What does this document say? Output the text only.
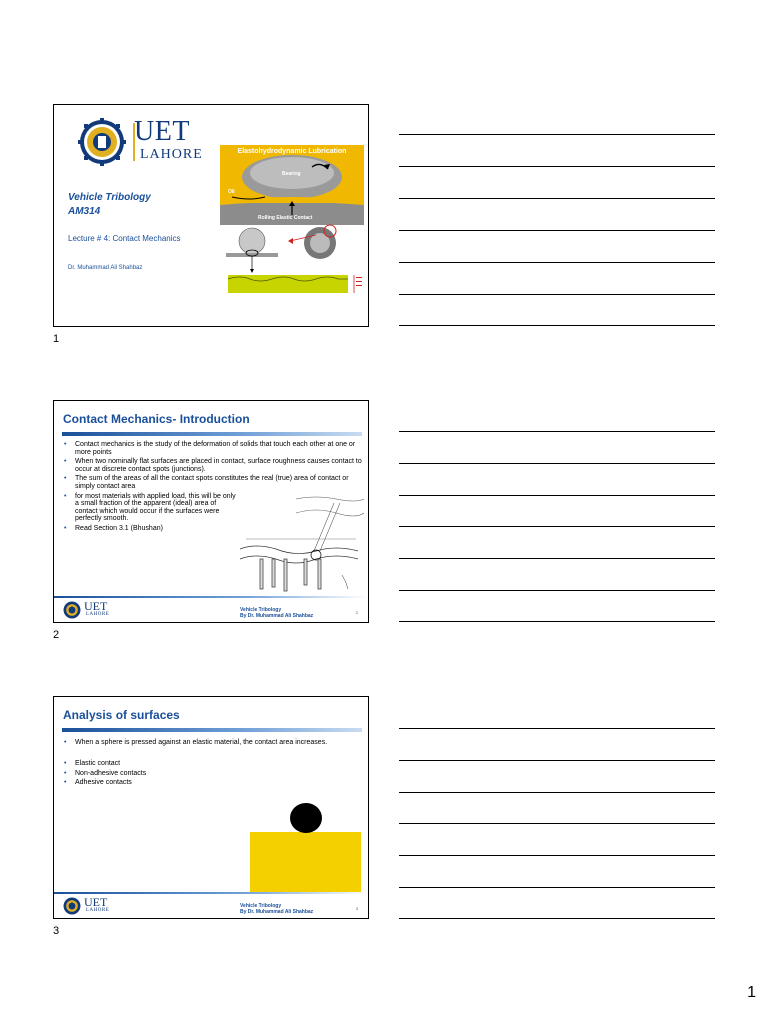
UET
LAHORE
Vehicle Tribology
AM314
Lecture # 4: Contact Mechanics
Dr. Muhammad Ali Shahbaz
Elastohydrodynamic Lubrication
Bearing
Oil
Rolling Elastic Contact
1
Contact Mechanics- Introduction
• Contact mechanics is the study of the deformation of solids that touch each other at one or more points
• When two nominally flat surfaces are placed in contact, surface roughness causes contact to occur at discrete contact spots (junctions).
• The sum of the areas of all the contact spots constitutes the real (true) area of contact or simply contact area
• for most materials with applied load, this will be only a small fraction of the apparent (ideal) area of contact which would occur if the surfaces were perfectly smooth.
• Read Section 3.1 (Bhushan)
UET
LAHORE
Vehicle Tribology
By Dr. Muhammad Ali Shahbaz
2
2
Analysis of surfaces
• When a sphere is pressed against an elastic material, the contact area increases.
• Elastic contact
• Non-adhesive contacts
• Adhesive contacts
UET
LAHORE
Vehicle Tribology
By Dr. Muhammad Ali Shahbaz
3
3
1
